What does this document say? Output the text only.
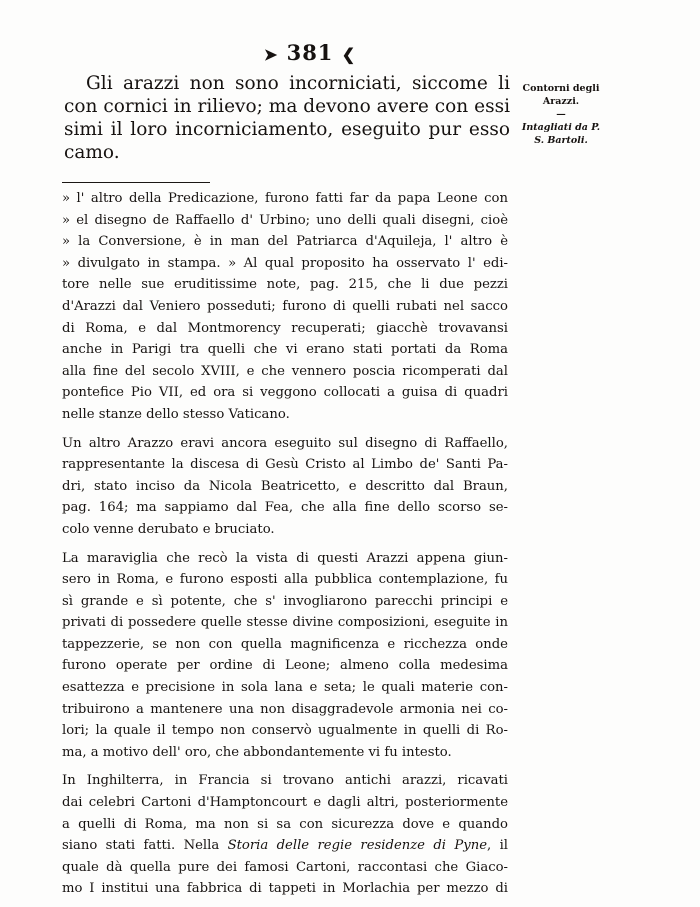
➤ 381 ❮
Gli arazzi non sono incorniciati, siccome li
con cornici in rilievo; ma devono avere con essi
simi il loro incorniciamento, eseguito pur esso
camo.
Contorni degli
Arazzi.
—
Intagliati da P.
S. Bartoli.

» l' altro della Predicazione, furono fatti far da papa Leone con
» el disegno de Raffaello d' Urbino; uno delli quali disegni, cioè
» la Conversione, è in man del Patriarca d'Aquileja, l' altro è
» divulgato in stampa. » Al qual proposito ha osservato l' edi-
tore nelle sue eruditissime note, pag. 215, che li due pezzi
d'Arazzi dal Veniero posseduti; furono di quelli rubati nel sacco
di Roma, e dal Montmorency recuperati; giacchè trovavansi
anche in Parigi tra quelli che vi erano stati portati da Roma
alla fine del secolo XVIII, e che vennero poscia ricomperati dal
pontefice Pio VII, ed ora si veggono collocati a guisa di quadri
nelle stanze dello stesso Vaticano.

Un altro Arazzo eravi ancora eseguito sul disegno di Raffaello,
rappresentante la discesa di Gesù Cristo al Limbo de' Santi Pa-
dri, stato inciso da Nicola Beatricetto, e descritto dal Braun,
pag. 164; ma sappiamo dal Fea, che alla fine dello scorso se-
colo venne derubato e bruciato.

La maraviglia che recò la vista di questi Arazzi appena giun-
sero in Roma, e furono esposti alla pubblica contemplazione, fu
sì grande e sì potente, che s' invogliarono parecchi principi e
privati di possedere quelle stesse divine composizioni, eseguite in
tappezzerie, se non con quella magnificenza e ricchezza onde
furono operate per ordine di Leone; almeno colla medesima
esattezza e precisione in sola lana e seta; le quali materie con-
tribuirono a mantenere una non disaggradevole armonia nei co-
lori; la quale il tempo non conservò ugualmente in quelli di Ro-
ma, a motivo dell' oro, che abbondantemente vi fu intesto.

In Inghilterra, in Francia si trovano antichi arazzi, ricavati
dai celebri Cartoni d'Hamptoncourt e dagli altri, posteriormente
a quelli di Roma, ma non si sa con sicurezza dove e quando
siano stati fatti. Nella Storia delle regie residenze di Pyne, il
quale dà quella pure dei famosi Cartoni, raccontasi che Giaco-
mo I institui una fabbrica di tappeti in Morlachia per mezzo di
